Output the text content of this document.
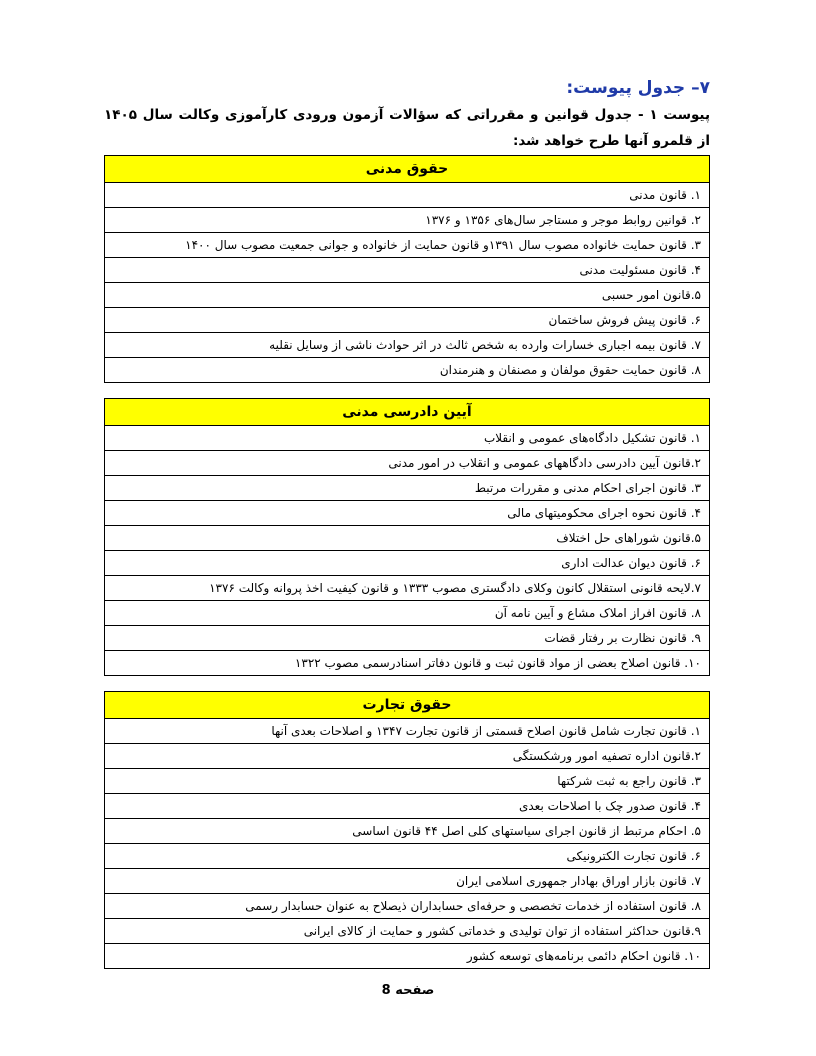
۷– جدول پیوست:
پیوست ۱ - جدول قوانین و مقرراتی که سؤالات آزمون ورودی کارآموزی وکالت سال ۱۴۰۵ از قلمرو آنها طرح خواهد شد:
حقوق مدنی
۱. قانون مدنی
۲. قوانین روابط موجر و مستاجر سال‌های ۱۳۵۶ و ۱۳۷۶
۳. قانون حمایت خانواده مصوب سال ۱۳۹۱و قانون حمایت از خانواده و جوانی جمعیت مصوب سال ۱۴۰۰
۴. قانون مسئولیت مدنی
۵.قانون امور حسبی
۶. قانون پیش فروش ساختمان
۷. قانون بیمه اجباری خسارات وارده به شخص ثالث در اثر حوادث ناشی از وسایل نقلیه
۸. قانون حمایت حقوق مولفان و مصنفان و هنرمندان
آیین دادرسی مدنی
۱. قانون تشکیل دادگاه‌های عمومی و انقلاب
۲.قانون آیین دادرسی دادگاههای عمومی و انقلاب در امور مدنی
۳. قانون اجرای احکام مدنی و مقررات مرتبط
۴. قانون نحوه اجرای محکومیتهای مالی
۵.قانون شوراهای حل اختلاف
۶. قانون دیوان عدالت اداری
۷.لایحه قانونی استقلال کانون وکلای دادگستری مصوب ۱۳۳۳ و قانون کیفیت اخذ پروانه وکالت ۱۳۷۶
۸. قانون افراز املاک مشاع و آیین نامه آن
۹. قانون نظارت بر رفتار قضات
۱۰. قانون اصلاح بعضی از مواد قانون ثبت و قانون دفاتر اسنادرسمی مصوب ۱۳۲۲
حقوق تجارت
۱. قانون تجارت شامل قانون اصلاح قسمتی از قانون تجارت ۱۳۴۷ و اصلاحات بعدی آنها
۲.قانون اداره تصفیه امور ورشکستگی
۳. قانون راجع به ثبت شرکتها
۴. قانون صدور چک با اصلاحات بعدی
۵. احکام مرتبط از قانون اجرای سیاستهای کلی اصل ۴۴ قانون اساسی
۶. قانون تجارت الکترونیکی
۷. قانون بازار اوراق بهادار جمهوری اسلامی ایران
۸. قانون استفاده از خدمات تخصصی و حرفه‌ای حسابداران ذیصلاح به عنوان حسابدار رسمی
۹.قانون حداکثر استفاده از توان تولیدی و خدماتی کشور و حمایت از کالای ایرانی
۱۰. قانون احکام دائمی برنامه‌های توسعه کشور
صفحه 8
